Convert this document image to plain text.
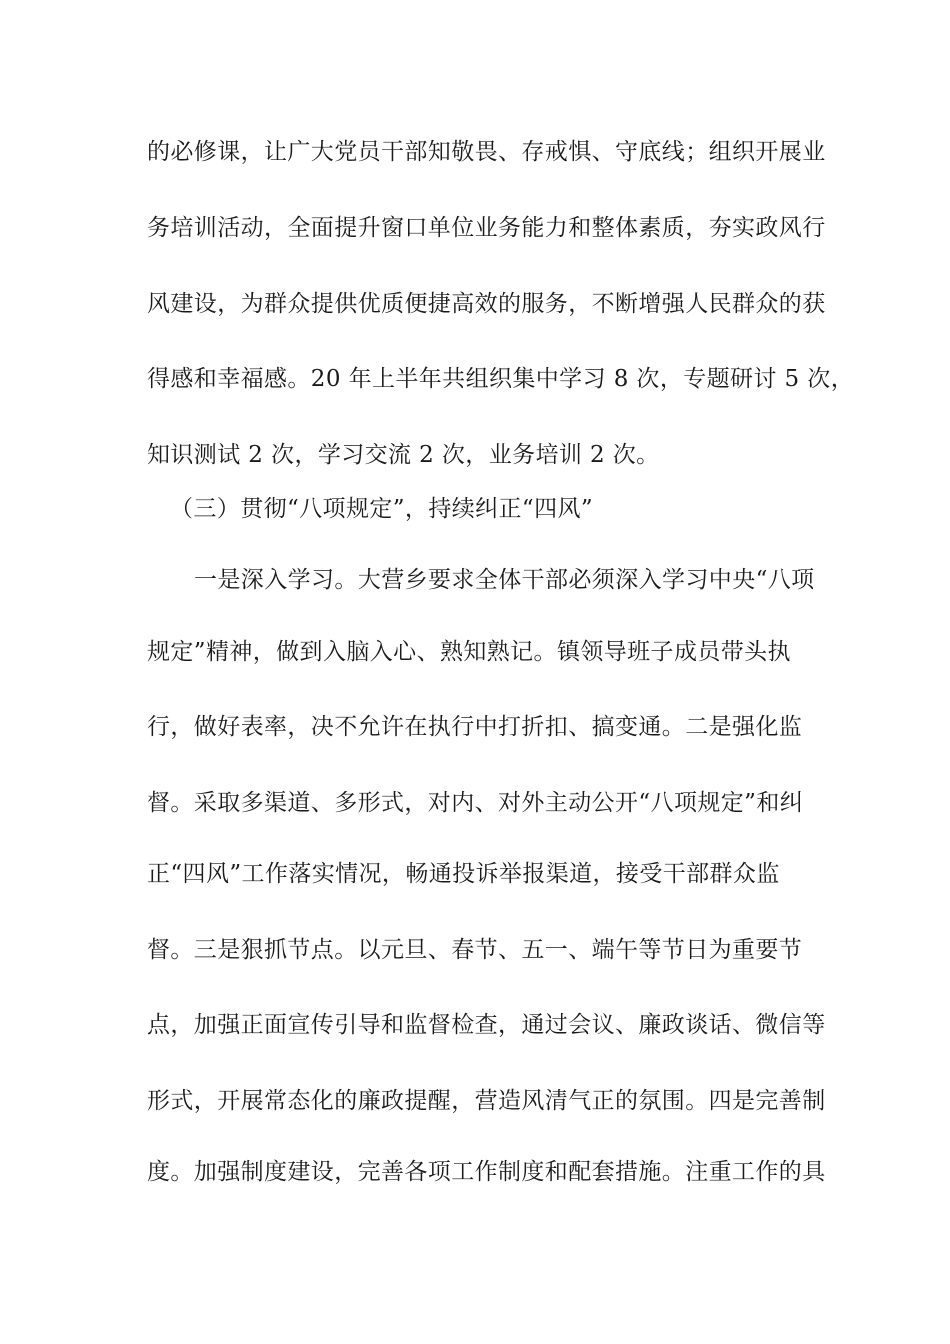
的必修课，让广大党员干部知敬畏、存戒惧、守底线；组织开展业
务培训活动，全面提升窗口单位业务能力和整体素质，夯实政风行
风建设，为群众提供优质便捷高效的服务，不断增强人民群众的获
得感和幸福感。20 年上半年共组织集中学习 8 次，专题研讨 5 次，
知识测试 2 次，学习交流 2 次，业务培训 2 次。
（三）贯彻“八项规定”，持续纠正“四风”
一是深入学习。大营乡要求全体干部必须深入学习中央“八项
规定”精神，做到入脑入心、熟知熟记。镇领导班子成员带头执
行，做好表率，决不允许在执行中打折扣、搞变通。二是强化监
督。采取多渠道、多形式，对内、对外主动公开“八项规定”和纠
正“四风”工作落实情况，畅通投诉举报渠道，接受干部群众监
督。三是狠抓节点。以元旦、春节、五一、端午等节日为重要节
点，加强正面宣传引导和监督检查，通过会议、廉政谈话、微信等
形式，开展常态化的廉政提醒，营造风清气正的氛围。四是完善制
度。加强制度建设，完善各项工作制度和配套措施。注重工作的具
